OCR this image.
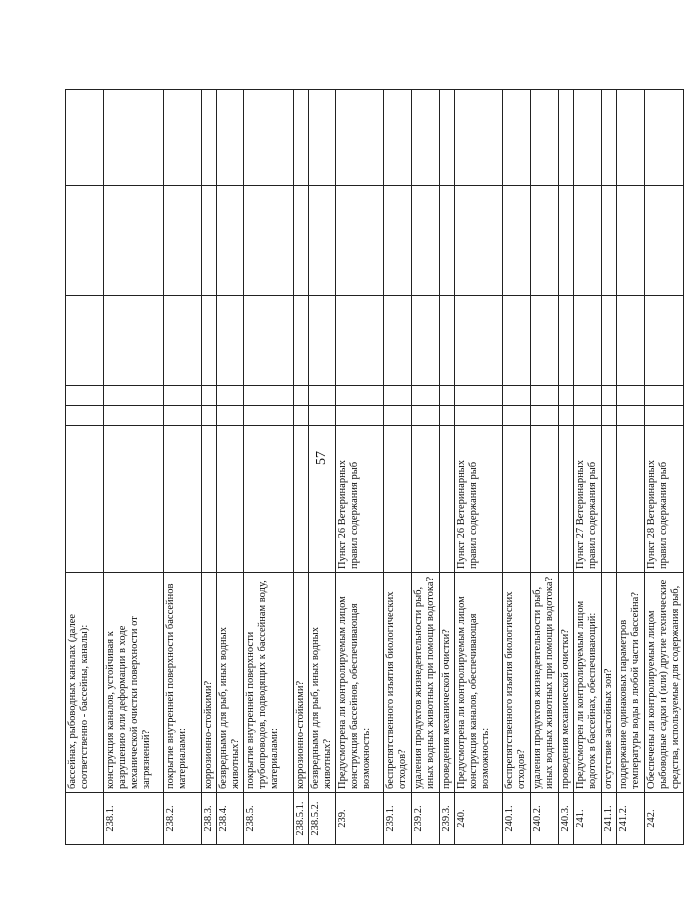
57
	бассейнах, рыбоводных каналах (далее соответственно - бассейны, каналы):						
238.1.	конструкция каналов, устойчивая к разрушению или деформации в ходе механической очистки поверхности от загрязнений?						
238.2.	покрытие внутренней поверхности бассейнов материалами:						
238.3.	коррозионно-стойкими?						
238.4.	безвредными для рыб, иных водных животных?						
238.5.	покрытие внутренней поверхности трубопроводов, подводящих к бассейнам воду, материалами:						
238.5.1.	коррозионно-стойкими?						
238.5.2.	безвредными для рыб, иных водных животных?						
239.	Предусмотрена ли контролируемым лицом конструкция бассейнов, обеспечивающая возможность:	Пункт 26 Ветеринарных правил содержания рыб					
239.1.	беспрепятственного изъятия биологических отходов?						
239.2.	удаления продуктов жизнедеятельности рыб, иных водных животных при помощи водотока?						
239.3.	проведения механической очистки?						
240.	Предусмотрена ли контролируемым лицом конструкция каналов, обеспечивающая возможность:	Пункт 26 Ветеринарных правил содержания рыб					
240.1.	беспрепятственного изъятия биологических отходов?						
240.2.	удаления продуктов жизнедеятельности рыб, иных водных животных при помощи водотока?						
240.3.	проведения механической очистки?						
241.	Предусмотрен ли контролируемым лицом водоток в бассейнах, обеспечивающий:	Пункт 27 Ветеринарных правил содержания рыб					
241.1.	отсутствие застойных зон?						
241.2.	поддержание одинаковых параметров температуры воды в любой части бассейна?						
242.	Обеспечены ли контролируемым лицом рыбоводные садки и (или) другие технические средства, используемые для содержания рыб,	Пункт 28 Ветеринарных правил содержания рыб					
